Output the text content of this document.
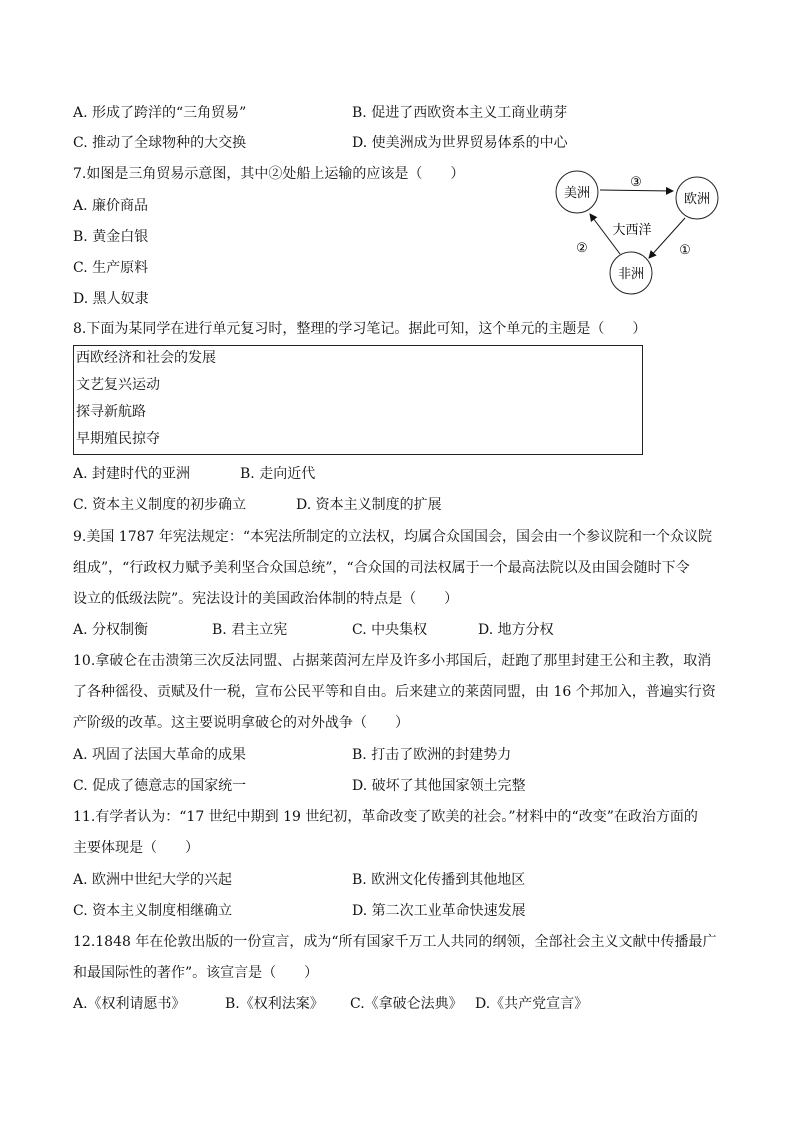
A. 形成了跨洋的“三角贸易”	B. 促进了西欧资本主义工商业萌芽
C. 推动了全球物种的大交换	D. 使美洲成为世界贸易体系的中心
7.如图是三角贸易示意图，其中②处船上运输的应该是（　　）
A. 廉价商品
B. 黄金白银
C. 生产原料
D. 黑人奴隶
美洲	欧洲
非洲
③
①
②
大西洋
8.下面为某同学在进行单元复习时，整理的学习笔记。据此可知，这个单元的主题是（　　）
西欧经济和社会的发展
文艺复兴运动
探寻新航路
早期殖民掠夺
A. 封建时代的亚洲	B. 走向近代
C. 资本主义制度的初步确立	D. 资本主义制度的扩展
9.美国 1787 年宪法规定：“本宪法所制定的立法权，均属合众国国会，国会由一个参议院和一个众议院
组成”，“行政权力赋予美利坚合众国总统”，“合众国的司法权属于一个最高法院以及由国会随时下令
设立的低级法院”。宪法设计的美国政治体制的特点是（　　）
A. 分权制衡	B. 君主立宪	C. 中央集权	D. 地方分权
10.拿破仑在击溃第三次反法同盟、占据莱茵河左岸及许多小邦国后，赶跑了那里封建王公和主教，取消
了各种徭役、贡赋及什一税，宣布公民平等和自由。后来建立的莱茵同盟，由 16 个邦加入，普遍实行资
产阶级的改革。这主要说明拿破仑的对外战争（　　）
A. 巩固了法国大革命的成果	B. 打击了欧洲的封建势力
C. 促成了德意志的国家统一	D. 破坏了其他国家领土完整
11.有学者认为：“17 世纪中期到 19 世纪初，革命改变了欧美的社会。”材料中的“改变”在政治方面的
主要体现是（　　）
A. 欧洲中世纪大学的兴起	B. 欧洲文化传播到其他地区
C. 资本主义制度相继确立	D. 第二次工业革命快速发展
12.1848 年在伦敦出版的一份宣言，成为“所有国家千万工人共同的纲领，全部社会主义文献中传播最广
和最国际性的著作”。该宣言是（　　）
A.《权利请愿书》	B.《权利法案》 C.《拿破仑法典》 D.《共产党宣言》
